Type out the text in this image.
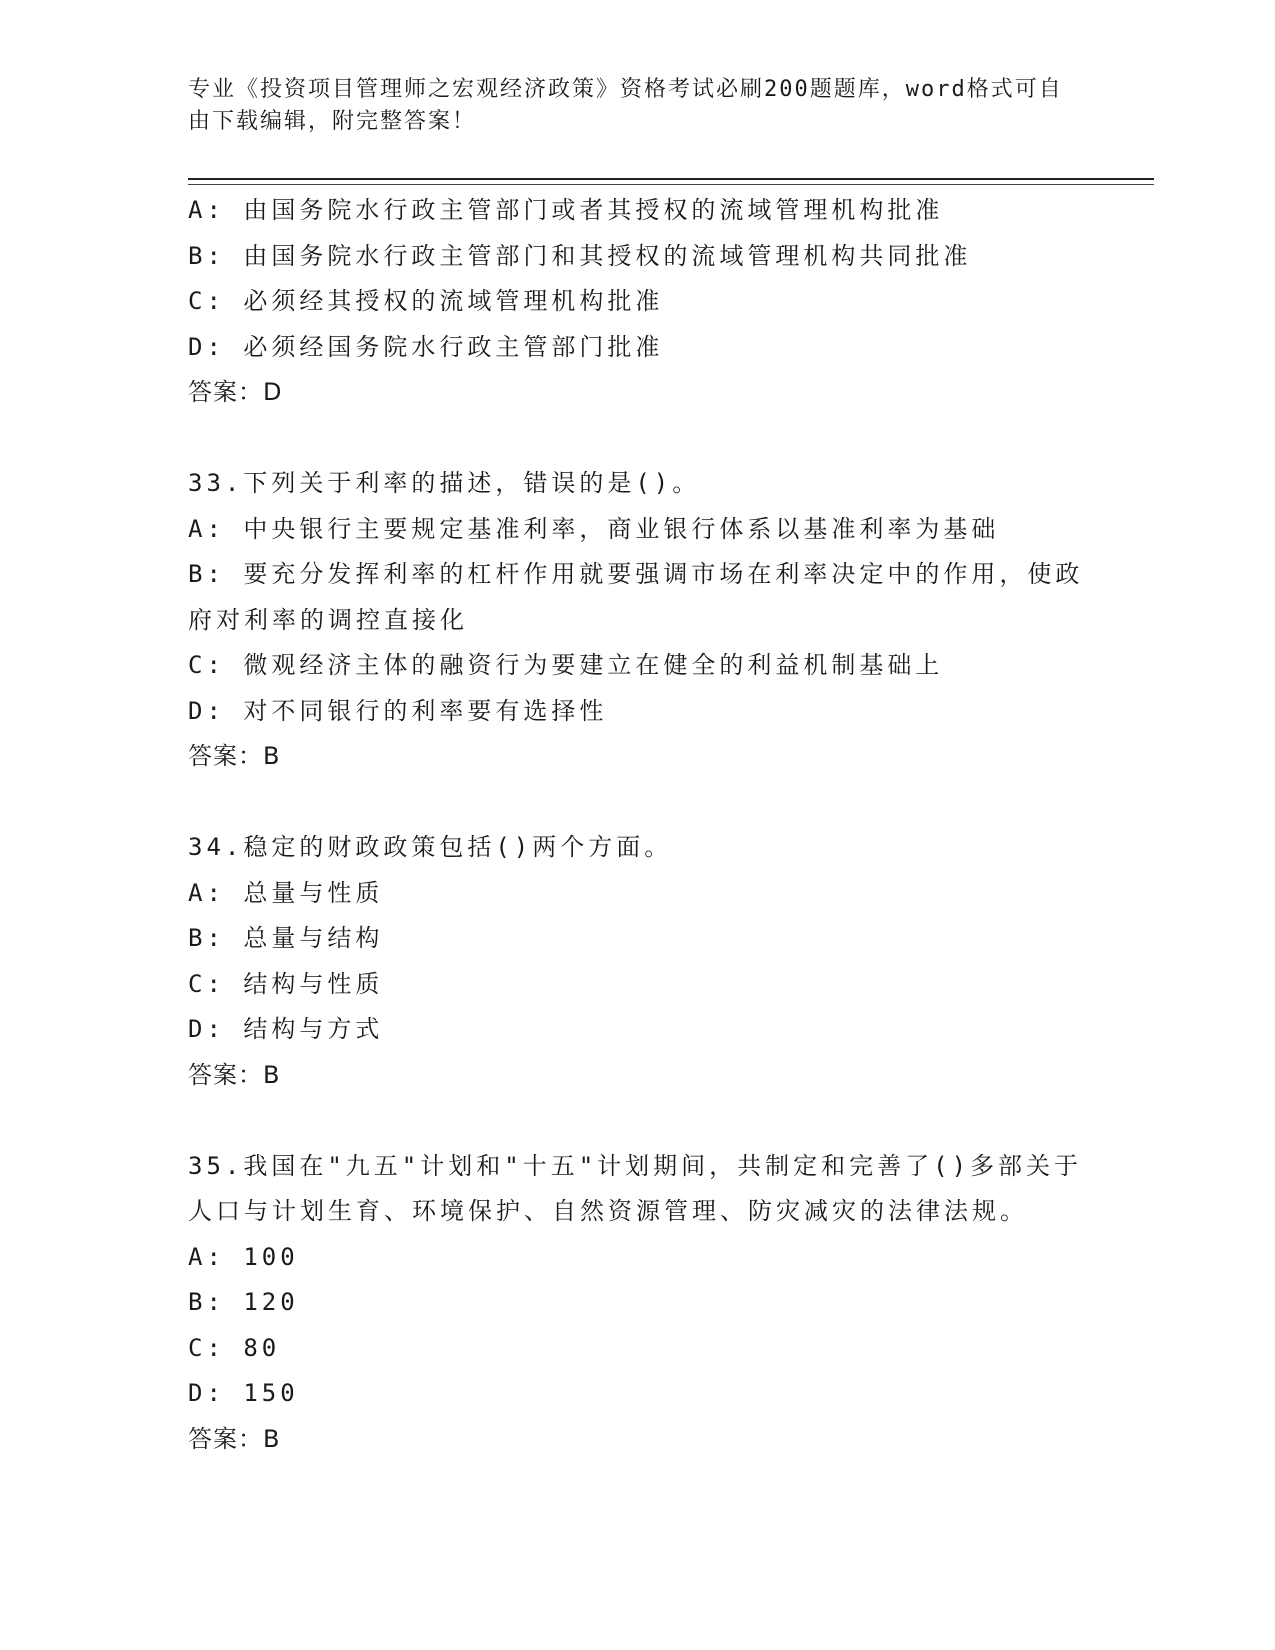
专业《投资项目管理师之宏观经济政策》资格考试必刷200题题库，word格式可自由下载编辑，附完整答案！
A: 由国务院水行政主管部门或者其授权的流域管理机构批准
B: 由国务院水行政主管部门和其授权的流域管理机构共同批准
C: 必须经其授权的流域管理机构批准
D: 必须经国务院水行政主管部门批准
答案：D
33.下列关于利率的描述，错误的是()。
A: 中央银行主要规定基准利率，商业银行体系以基准利率为基础
B: 要充分发挥利率的杠杆作用就要强调市场在利率决定中的作用，使政府对利率的调控直接化
C: 微观经济主体的融资行为要建立在健全的利益机制基础上
D: 对不同银行的利率要有选择性
答案：B
34.稳定的财政政策包括()两个方面。
A: 总量与性质
B: 总量与结构
C: 结构与性质
D: 结构与方式
答案：B
35.我国在"九五"计划和"十五"计划期间，共制定和完善了()多部关于人口与计划生育、环境保护、自然资源管理、防灾减灾的法律法规。
A: 100
B: 120
C: 80
D: 150
答案：B
